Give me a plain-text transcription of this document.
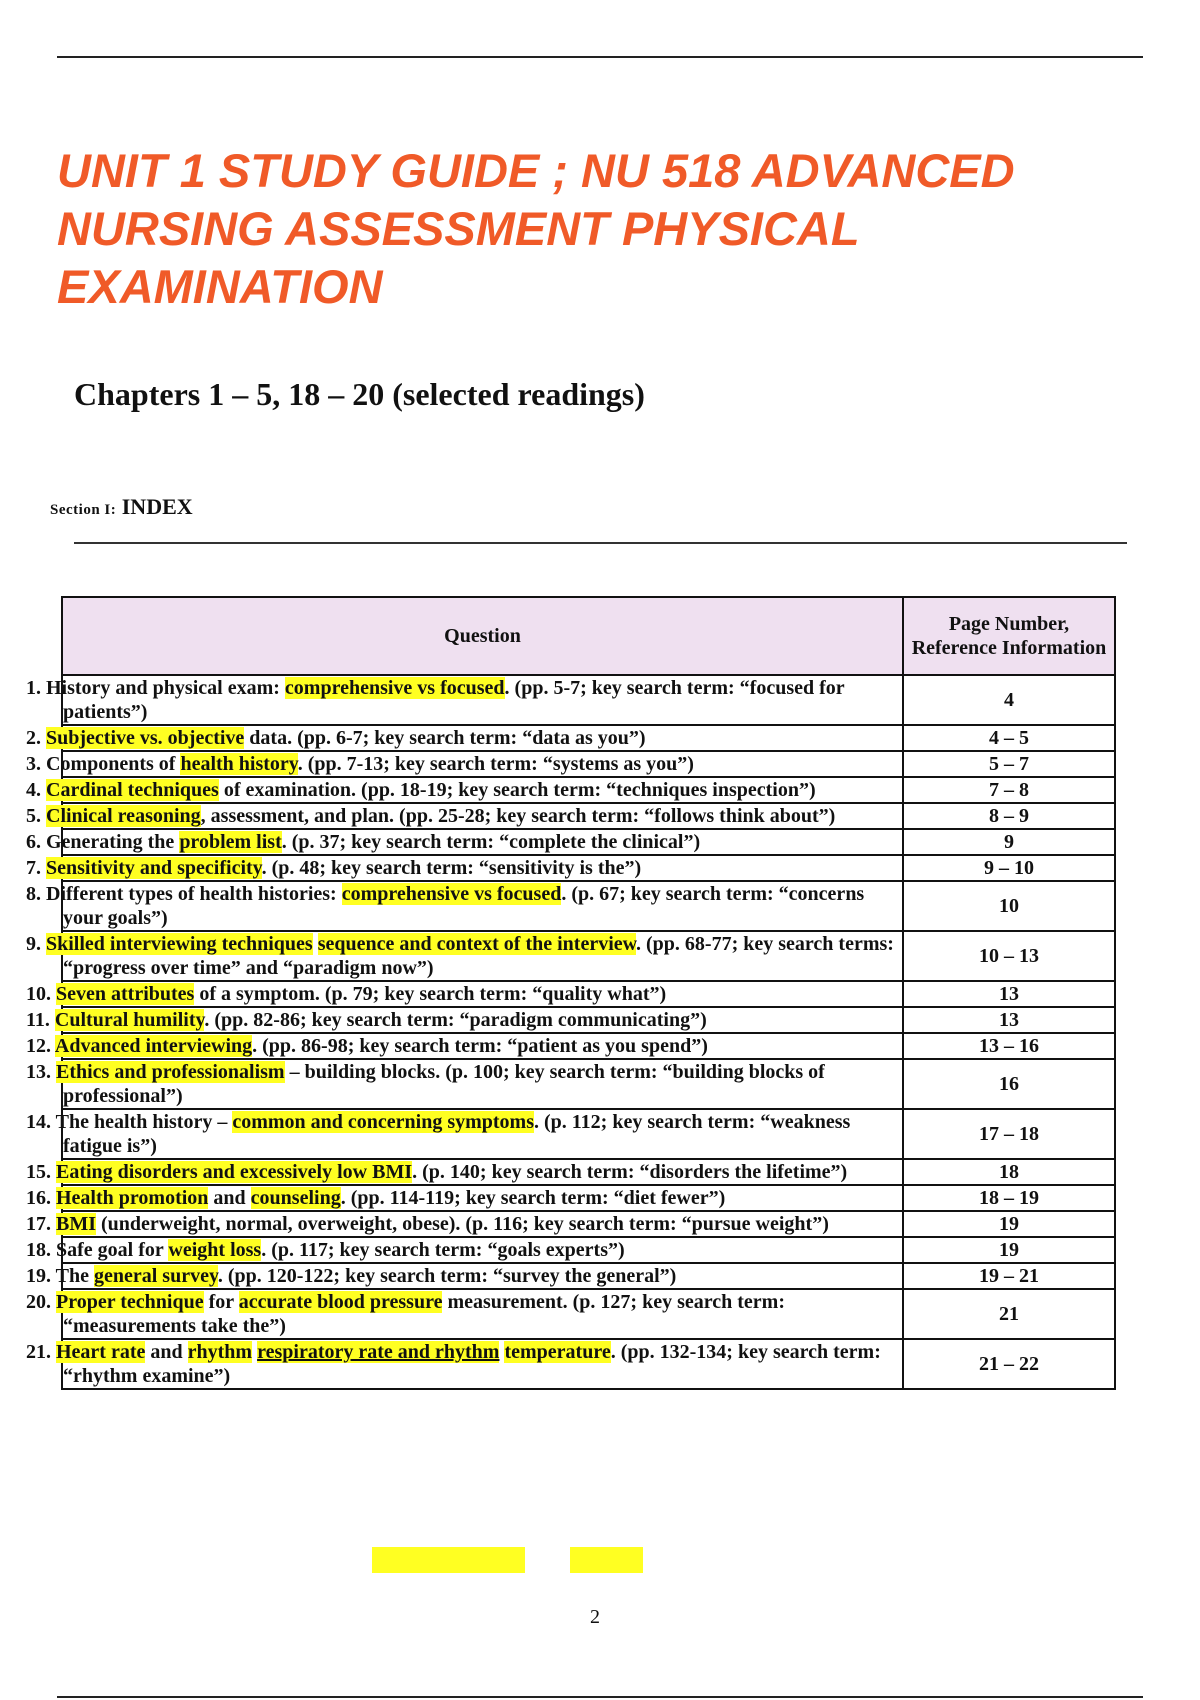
UNIT 1 STUDY GUIDE ; NU 518 ADVANCED NURSING ASSESSMENT PHYSICAL EXAMINATION
Chapters 1 – 5, 18 – 20 (selected readings)
Section I: INDEX
Question	Page Number, Reference Information
1. History and physical exam: comprehensive vs focused. (pp. 5-7; key search term: “focused for patients”)	4
2. Subjective vs. objective data. (pp. 6-7; key search term: “data as you”)	4 – 5
3. Components of health history. (pp. 7-13; key search term: “systems as you”)	5 – 7
4. Cardinal techniques of examination. (pp. 18-19; key search term: “techniques inspection”)	7 – 8
5. Clinical reasoning, assessment, and plan. (pp. 25-28; key search term: “follows think about”)	8 – 9
6. Generating the problem list. (p. 37; key search term: “complete the clinical”)	9
7. Sensitivity and specificity. (p. 48; key search term: “sensitivity is the”)	9 – 10
8. Different types of health histories: comprehensive vs focused. (p. 67; key search term: “concerns your goals”)	10
9. Skilled interviewing techniques sequence and context of the interview. (pp. 68-77; key search terms: “progress over time” and “paradigm now”)	10 – 13
10. Seven attributes of a symptom. (p. 79; key search term: “quality what”)	13
11. Cultural humility. (pp. 82-86; key search term: “paradigm communicating”)	13
12. Advanced interviewing. (pp. 86-98; key search term: “patient as you spend”)	13 – 16
13. Ethics and professionalism – building blocks. (p. 100; key search term: “building blocks of professional”)	16
14. The health history – common and concerning symptoms. (p. 112; key search term: “weakness fatigue is”)	17 – 18
15. Eating disorders and excessively low BMI. (p. 140; key search term: “disorders the lifetime”)	18
16. Health promotion and counseling. (pp. 114-119; key search term: “diet fewer”)	18 – 19
17. BMI (underweight, normal, overweight, obese). (p. 116; key search term: “pursue weight”)	19
18. Safe goal for weight loss. (p. 117; key search term: “goals experts”)	19
19. The general survey. (pp. 120-122; key search term: “survey the general”)	19 – 21
20. Proper technique for accurate blood pressure measurement. (p. 127; key search term: “measurements take the”)	21
21. Heart rate and rhythm respiratory rate and rhythm temperature. (pp. 132-134; key search term: “rhythm examine”)	21 – 22
2
